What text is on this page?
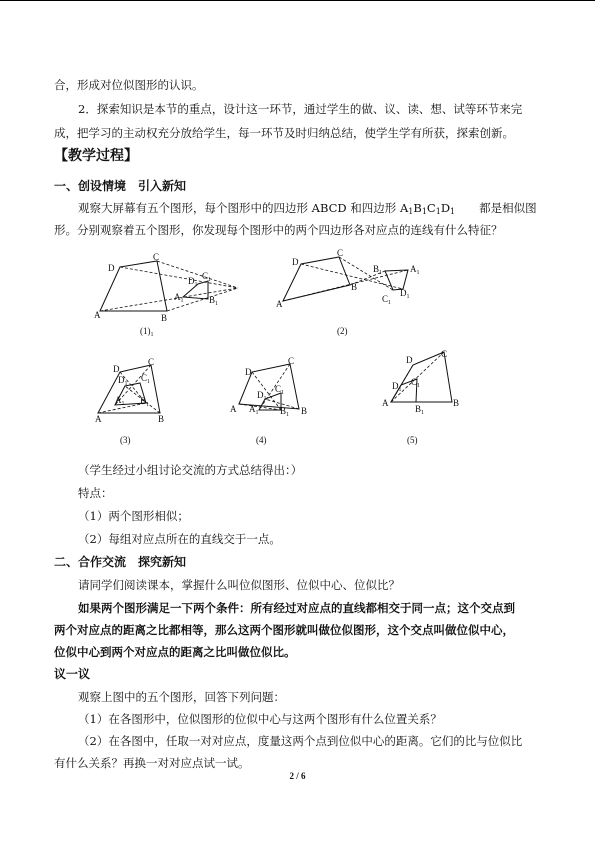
合，形成对位似图形的认识。
2．探索知识是本节的重点，设计这一环节，通过学生的做、议、读、想、试等环节来完
成，把学习的主动权充分放给学生，每一环节及时归纳总结，使学生学有所获，探索创新。
【教学过程】
一、创设情境 引入新知
观察大屏幕有五个图形，每个图形中的四边形 ABCD 和四边形 $A_1B_1C_1D_1$ 都是相似图
形。分别观察着五个图形，你发现每个图形中的两个四边形各对应点的连线有什么特征？
D
C
A	B
$A_1$
$D_1$
$C_1$
$B_1$
$(1)_1$
D
C
A
B
$B_1$	$A_1$
$D_1$
$C_1$
(2)
D
C
A	B
$D_1$
$C_1$
$A_1$ $B_1$
(3)
D
C
A	B
$D_1$
$C_1$
$A_1$ $B_1$
(4)
D
C
A	B
$D_1$
$C_1$
$B_1$
(5)
（学生经过小组讨论交流的方式总结得出：）
特点：
（1）两个图形相似；
（2）每组对应点所在的直线交于一点。
二、合作交流 探究新知
请同学们阅读课本，掌握什么叫位似图形、位似中心、位似比？
如果两个图形满足一下两个条件：所有经过对应点的直线都相交于同一点；这个交点到
两个对应点的距离之比都相等，那么这两个图形就叫做位似图形，这个交点叫做位似中心，
位似中心到两个对应点的距离之比叫做位似比。
议一议
观察上图中的五个图形，回答下列问题：
（1）在各图形中，位似图形的位似中心与这两个图形有什么位置关系？
（2）在各图中，任取一对对应点，度量这两个点到位似中心的距离。它们的比与位似比
有什么关系？再换一对对应点试一试。
2 / 6
